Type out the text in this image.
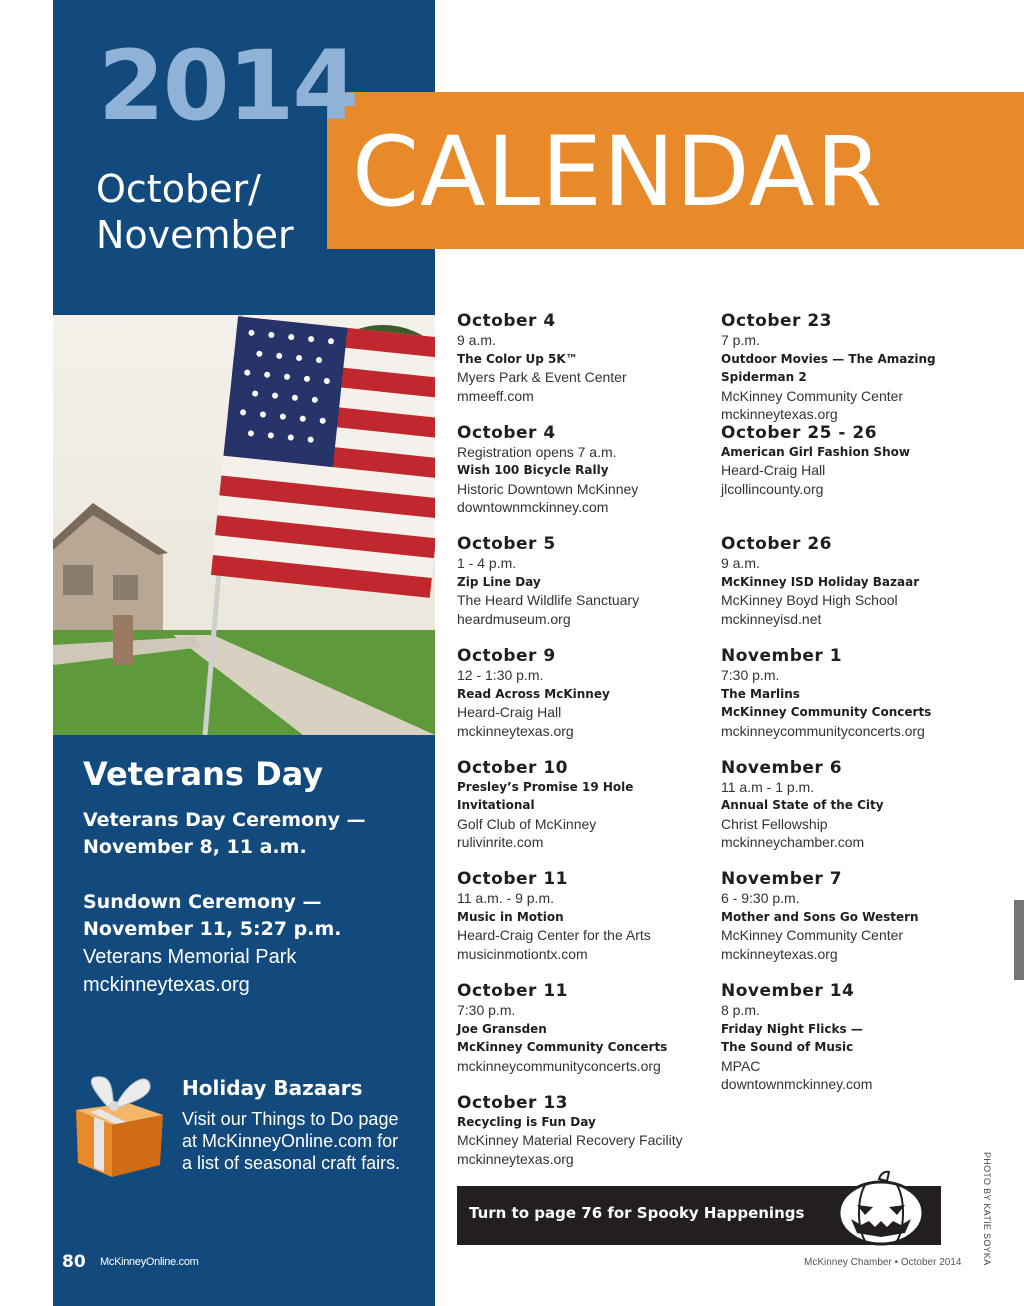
2014
CALENDAR
October/
November
Veterans Day
Veterans Day Ceremony —
November 8, 11 a.m.
Sundown Ceremony —
November 11, 5:27 p.m.
Veterans Memorial Park
mckinneytexas.org
Holiday Bazaars
Visit our Things to Do page
at McKinneyOnline.com for
a list of seasonal craft fairs.
80 McKinneyOnline.com
October 4
9 a.m.
The Color Up 5K™
Myers Park & Event Center
mmeeff.com
October 4
Registration opens 7 a.m.
Wish 100 Bicycle Rally
Historic Downtown McKinney
downtownmckinney.com
October 5
1 - 4 p.m.
Zip Line Day
The Heard Wildlife Sanctuary
heardmuseum.org
October 9
12 - 1:30 p.m.
Read Across McKinney
Heard-Craig Hall
mckinneytexas.org
October 10
Presley’s Promise 19 Hole
Invitational
Golf Club of McKinney
rulivinrite.com
October 11
11 a.m. - 9 p.m.
Music in Motion
Heard-Craig Center for the Arts
musicinmotiontx.com
October 11
7:30 p.m.
Joe Gransden
McKinney Community Concerts
mckinneycommunityconcerts.org
October 13
Recycling is Fun Day
McKinney Material Recovery Facility
mckinneytexas.org
October 23
7 p.m.
Outdoor Movies — The Amazing
Spiderman 2
McKinney Community Center
mckinneytexas.org
October 25 - 26
American Girl Fashion Show
Heard-Craig Hall
jlcollincounty.org
October 26
9 a.m.
McKinney ISD Holiday Bazaar
McKinney Boyd High School
mckinneyisd.net
November 1
7:30 p.m.
The Marlins
McKinney Community Concerts
mckinneycommunityconcerts.org
November 6
11 a.m - 1 p.m.
Annual State of the City
Christ Fellowship
mckinneychamber.com
November 7
6 - 9:30 p.m.
Mother and Sons Go Western
McKinney Community Center
mckinneytexas.org
November 14
8 p.m.
Friday Night Flicks —
The Sound of Music
MPAC
downtownmckinney.com
Turn to page 76 for Spooky Happenings	PHOTO BY KATIE SOYKA
McKinney Chamber • October 2014
